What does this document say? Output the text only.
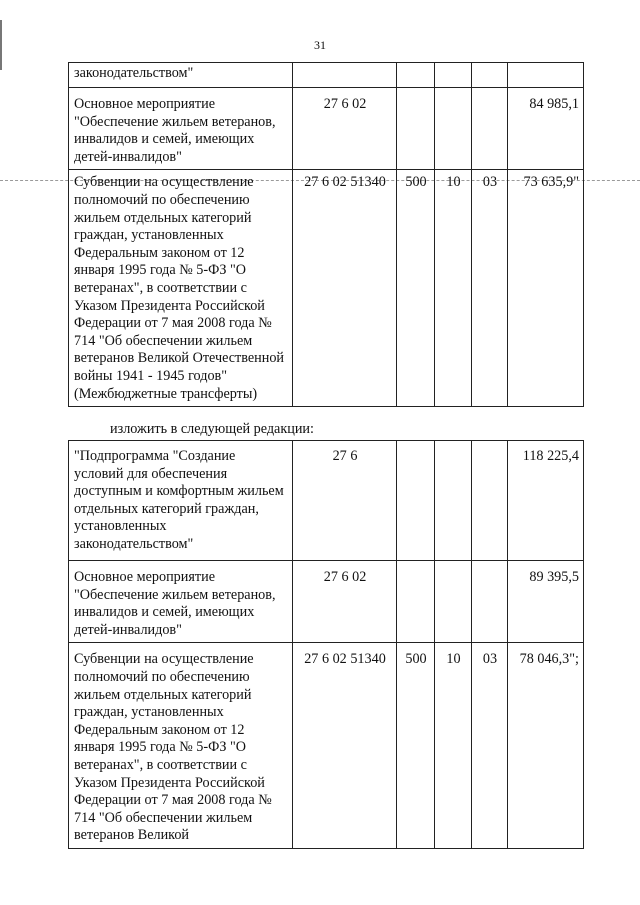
31
законодательством"					
Основное мероприятие "Обеспечение жильем ветеранов, инвалидов и семей, имеющих детей-инвалидов"	27 6 02				84 985,1
Субвенции на осуществление полномочий по обеспечению жильем отдельных категорий граждан, установленных Федеральным законом от 12 января 1995 года № 5-ФЗ "О ветеранах", в соответствии с Указом Президента Российской Федерации от 7 мая 2008 года № 714 "Об обеспечении жильем ветеранов Великой Отечественной войны 1941 - 1945 годов" (Межбюджетные трансферты)	27 6 02 51340	500	10	03	73 635,9"
изложить в следующей редакции:
"Подпрограмма "Создание условий для обеспечения доступным и комфортным жильем отдельных категорий граждан, установленных законодательством"	27 6				118 225,4
Основное мероприятие "Обеспечение жильем ветеранов, инвалидов и семей, имеющих детей-инвалидов"	27 6 02				89 395,5
Субвенции на осуществление полномочий по обеспечению жильем отдельных категорий граждан, установленных Федеральным законом от 12 января 1995 года № 5-ФЗ "О ветеранах", в соответствии с Указом Президента Российской Федерации от 7 мая 2008 года № 714 "Об обеспечении жильем ветеранов Великой	27 6 02 51340	500	10	03	78 046,3";
